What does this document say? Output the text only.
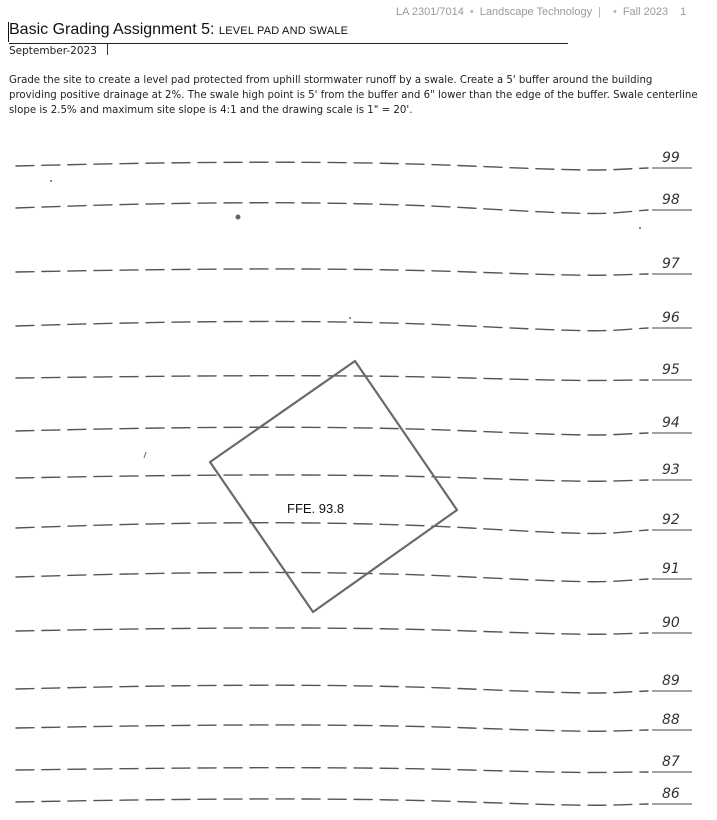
LA 2301/7014 • Landscape Technology | • Fall 2023 1
Basic Grading Assignment 5: LEVEL PAD AND SWALE
September-2023
Grade the site to create a level pad protected from uphill stormwater runoff by a swale. Create a 5' buffer around the building providing positive drainage at 2%. The swale high point is 5' from the buffer and 6" lower than the edge of the buffer. Swale centerline slope is 2.5% and maximum site slope is 4:1 and the drawing scale is 1" = 20'.
99
98
97
96
95
94
93
92
91
90
89
88
87
86
FFE. 93.8
